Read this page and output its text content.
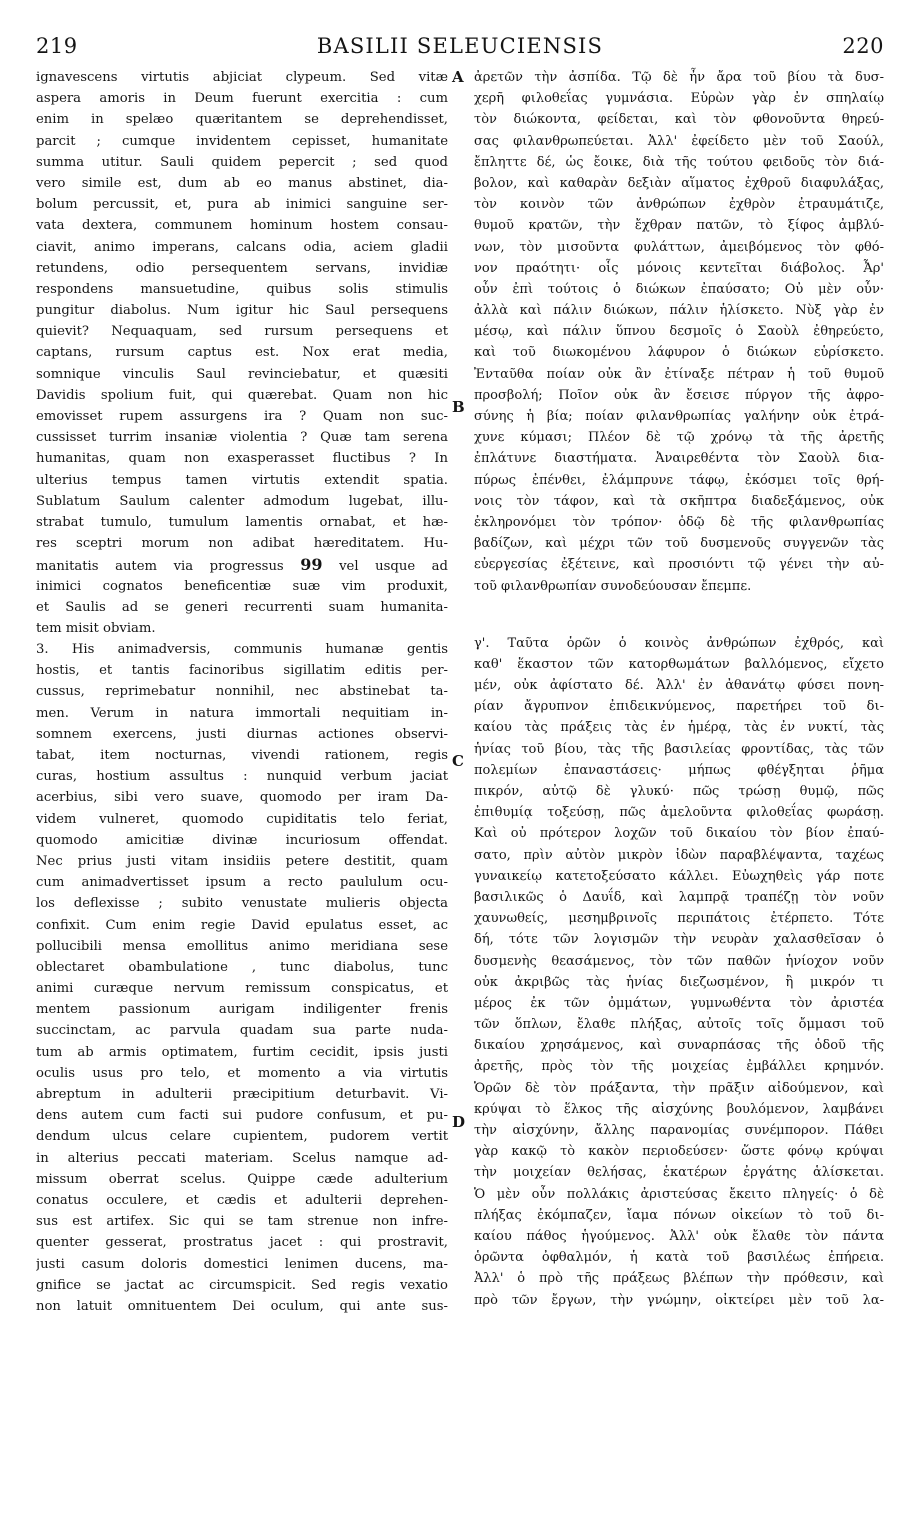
219	BASILII SELEUCIENSIS	220
A
B
C
D
ignavescens virtutis abjiciat clypeum. Sed vitæ
aspera amoris in Deum fuerunt exercitia : cum
enim in spelæo quæritantem se deprehendisset,
parcit ; cumque invidentem cepisset, humanitate
summa utitur. Sauli quidem pepercit ; sed quod
vero simile est, dum ab eo manus abstinet, dia-
bolum percussit, et, pura ab inimici sanguine ser-
vata dextera, communem hominum hostem consau-
ciavit, animo imperans, calcans odia, aciem gladii
retundens, odio persequentem servans, invidiæ
respondens mansuetudine, quibus solis stimulis
pungitur diabolus. Num igitur hic Saul persequens
quievit? Nequaquam, sed rursum persequens et
captans, rursum captus est. Nox erat media,
somnique vinculis Saul revinciebatur, et quæsiti
Davidis spolium fuit, qui quærebat. Quam non hic
emovisset rupem assurgens ira ? Quam non suc-
cussisset turrim insaniæ violentia ? Quæ tam serena
humanitas, quam non exasperasset fluctibus ? In
ulterius tempus tamen virtutis extendit spatia.
Sublatum Saulum calenter admodum lugebat, illu-
strabat tumulo, tumulum lamentis ornabat, et hæ-
res sceptri morum non adibat hæreditatem. Hu-
manitatis autem via progressus 99 vel usque ad
inimici cognatos beneficentiæ suæ vim produxit,
et Saulis ad se generi recurrenti suam humanita-
tem misit obviam.
3. His animadversis, communis humanæ gentis
hostis, et tantis facinoribus sigillatim editis per-
cussus, reprimebatur nonnihil, nec abstinebat ta-
men. Verum in natura immortali nequitiam in-
somnem exercens, justi diurnas actiones observi-
tabat, item nocturnas, vivendi rationem, regis
curas, hostium assultus : nunquid verbum jaciat
acerbius, sibi vero suave, quomodo per iram Da-
videm vulneret, quomodo cupiditatis telo feriat,
quomodo amicitiæ divinæ incuriosum offendat.
Nec prius justi vitam insidiis petere destitit, quam
cum animadvertisset ipsum a recto paululum ocu-
los deflexisse ; subito venustate mulieris objecta
confixit. Cum enim regie David epulatus esset, ac
pollucibili mensa emollitus animo meridiana sese
oblectaret obambulatione , tunc diabolus, tunc
animi curæque nervum remissum conspicatus, et
mentem passionum aurigam indiligenter frenis
succinctam, ac parvula quadam sua parte nuda-
tum ab armis optimatem, furtim cecidit, ipsis justi
oculis usus pro telo, et momento a via virtutis
abreptum in adulterii præcipitium deturbavit. Vi-
dens autem cum facti sui pudore confusum, et pu-
dendum ulcus celare cupientem, pudorem vertit
in alterius peccati materiam. Scelus namque ad-
missum oberrat scelus. Quippe cæde adulterium
conatus occulere, et cædis et adulterii deprehen-
sus est artifex. Sic qui se tam strenue non infre-
quenter gesserat, prostratus jacet : qui prostravit,
justi casum doloris domestici lenimen ducens, ma-
gnifice se jactat ac circumspicit. Sed regis vexatio
non latuit omnituentem Dei oculum, qui ante sus-
ἀρετῶν τὴν ἀσπίδα. Τῷ δὲ ἦν ἄρα τοῦ βίου τὰ δυσ-
χερῆ φιλοθεΐας γυμνάσια. Εὑρὼν γὰρ ἐν σπηλαίῳ
τὸν διώκοντα, φείδεται, καὶ τὸν φθονοῦντα θηρεύ-
σας φιλανθρωπεύεται. Ἀλλ' ἐφείδετο μὲν τοῦ Σαούλ,
ἔπληττε δέ, ὡς ἔοικε, διὰ τῆς τούτου φειδοῦς τὸν διά-
βολον, καὶ καθαρὰν δεξιὰν αἵματος ἐχθροῦ διαφυλάξας,
τὸν κοινὸν τῶν ἀνθρώπων ἐχθρὸν ἐτραυμάτιζε,
θυμοῦ κρατῶν, τὴν ἔχθραν πατῶν, τὸ ξίφος ἀμβλύ-
νων, τὸν μισοῦντα φυλάττων, ἀμειβόμενος τὸν φθό-
νον πραότητι· οἷς μόνοις κεντεῖται διάβολος. Ἆρ'
οὖν ἐπὶ τούτοις ὁ διώκων ἐπαύσατο; Οὐ μὲν οὖν·
ἀλλὰ καὶ πάλιν διώκων, πάλιν ἡλίσκετο. Νὺξ γὰρ ἐν
μέσῳ, καὶ πάλιν ὕπνου δεσμοῖς ὁ Σαοὺλ ἐθηρεύετο,
καὶ τοῦ διωκομένου λάφυρον ὁ διώκων εὑρίσκετο.
Ἐνταῦθα ποίαν οὐκ ἂν ἐτίναξε πέτραν ἡ τοῦ θυμοῦ
προσβολή; Ποῖον οὐκ ἂν ἔσεισε πύργον τῆς ἀφρο-
σύνης ἡ βία; ποίαν φιλανθρωπίας γαλήνην οὐκ ἐτρά-
χυνε κύμασι; Πλέον δὲ τῷ χρόνῳ τὰ τῆς ἀρετῆς
ἐπλάτυνε διαστήματα. Ἀναιρεθέντα τὸν Σαοὺλ δια-
πύρως ἐπένθει, ἐλάμπρυνε τάφῳ, ἐκόσμει τοῖς θρή-
νοις τὸν τάφον, καὶ τὰ σκῆπτρα διαδεξάμενος, οὐκ
ἐκληρονόμει τὸν τρόπον· ὁδῷ δὲ τῆς φιλανθρωπίας
βαδίζων, καὶ μέχρι τῶν τοῦ δυσμενοῦς συγγενῶν τὰς
εὐεργεσίας ἐξέτεινε, καὶ προσιόντι τῷ γένει τὴν αὐ-
τοῦ φιλανθρωπίαν συνοδεύουσαν ἔπεμπε.
γ'. Ταῦτα ὁρῶν ὁ κοινὸς ἀνθρώπων ἐχθρός, καὶ
καθ' ἕκαστον τῶν κατορθωμάτων βαλλόμενος, εἴχετο
μέν, οὐκ ἀφίστατο δέ. Ἀλλ' ἐν ἀθανάτῳ φύσει πονη-
ρίαν ἄγρυπνον ἐπιδεικνύμενος, παρετήρει τοῦ δι-
καίου τὰς πράξεις τὰς ἐν ἡμέρᾳ, τὰς ἐν νυκτί, τὰς
ἡνίας τοῦ βίου, τὰς τῆς βασιλείας φροντίδας, τὰς τῶν
πολεμίων ἐπαναστάσεις· μήπως φθέγξηται ῥῆμα
πικρόν, αὐτῷ δὲ γλυκύ· πῶς τρώσῃ θυμῷ, πῶς
ἐπιθυμίᾳ τοξεύσῃ, πῶς ἀμελοῦντα φιλοθεΐας φωράσῃ.
Καὶ οὐ πρότερον λοχῶν τοῦ δικαίου τὸν βίον ἐπαύ-
σατο, πρὶν αὐτὸν μικρὸν ἰδὼν παραβλέψαντα, ταχέως
γυναικείῳ κατετοξεύσατο κάλλει. Εὐωχηθεὶς γάρ ποτε
βασιλικῶς ὁ Δαυΐδ, καὶ λαμπρᾷ τραπέζῃ τὸν νοῦν
χαυνωθείς, μεσημβρινοῖς περιπάτοις ἐτέρπετο. Τότε
δή, τότε τῶν λογισμῶν τὴν νευρὰν χαλασθεῖσαν ὁ
δυσμενὴς θεασάμενος, τὸν τῶν παθῶν ἡνίοχον νοῦν
οὐκ ἀκριβῶς τὰς ἡνίας διεζωσμένον, ἢ μικρόν τι
μέρος ἐκ τῶν ὀμμάτων, γυμνωθέντα τὸν ἀριστέα
τῶν ὅπλων, ἔλαθε πλήξας, αὐτοῖς τοῖς ὄμμασι τοῦ
δικαίου χρησάμενος, καὶ συναρπάσας τῆς ὁδοῦ τῆς
ἀρετῆς, πρὸς τὸν τῆς μοιχείας ἐμβάλλει κρημνόν.
Ὁρῶν δὲ τὸν πράξαντα, τὴν πρᾶξιν αἰδούμενον, καὶ
κρύψαι τὸ ἕλκος τῆς αἰσχύνης βουλόμενον, λαμβάνει
τὴν αἰσχύνην, ἄλλης παρανομίας συνέμπορον. Πάθει
γὰρ κακῷ τὸ κακὸν περιοδεύσεν· ὥστε φόνῳ κρύψαι
τὴν μοιχείαν θελήσας, ἑκατέρων ἐργάτης ἁλίσκεται.
Ὁ μὲν οὖν πολλάκις ἀριστεύσας ἔκειτο πληγείς· ὁ δὲ
πλήξας ἐκόμπαζεν, ἴαμα πόνων οἰκείων τὸ τοῦ δι-
καίου πάθος ἡγούμενος. Ἀλλ' οὐκ ἔλαθε τὸν πάντα
ὁρῶντα ὀφθαλμόν, ἡ κατὰ τοῦ βασιλέως ἐπήρεια.
Ἀλλ' ὁ πρὸ τῆς πράξεως βλέπων τὴν πρόθεσιν, καὶ
πρὸ τῶν ἔργων, τὴν γνώμην, οἰκτείρει μὲν τοῦ λα-
